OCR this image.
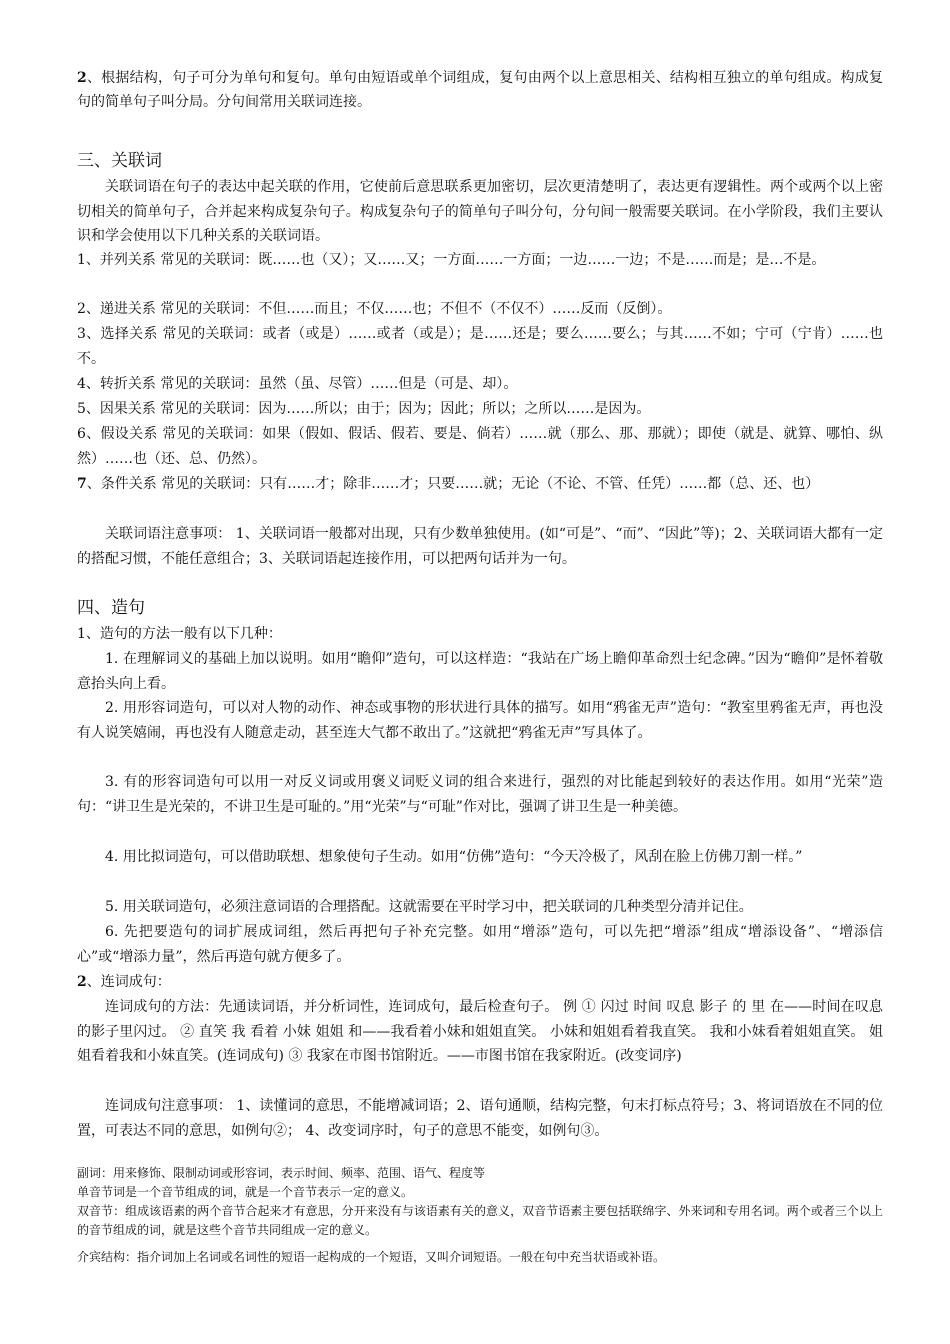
2、根据结构，句子可分为单句和复句。单句由短语或单个词组成，复句由两个以上意思相关、结构相互独立的单句组成。构成复句的简单句子叫分局。分句间常用关联词连接。

三、关联词

关联词语在句子的表达中起关联的作用，它使前后意思联系更加密切，层次更清楚明了，表达更有逻辑性。两个或两个以上密切相关的简单句子，合并起来构成复杂句子。构成复杂句子的简单句子叫分句，分句间一般需要关联词。在小学阶段，我们主要认识和学会使用以下几种关系的关联词语。

1、并列关系 常见的关联词：既……也（又）；又……又；一方面……一方面；一边……一边；不是……而是；是…不是。

2、递进关系 常见的关联词：不但……而且；不仅……也；不但不（不仅不）……反而（反倒）。

3、选择关系 常见的关联词：或者（或是）……或者（或是）；是……还是；要么……要么；与其……不如；宁可（宁肯）……也不。

4、转折关系 常见的关联词：虽然（虽、尽管）……但是（可是、却）。

5、因果关系 常见的关联词：因为……所以；由于；因为；因此；所以；之所以……是因为。

6、假设关系 常见的关联词：如果（假如、假话、假若、要是、倘若）……就（那么、那、那就）；即使（就是、就算、哪怕、纵然）……也（还、总、仍然）。

7、条件关系 常见的关联词：只有……才；除非……才；只要……就；无论（不论、不管、任凭）……都（总、还、也）

关联词语注意事项： 1、关联词语一般都对出现，只有少数单独使用。(如“可是”、“而”、“因此”等)；2、关联词语大都有一定的搭配习惯，不能任意组合；3、关联词语起连接作用，可以把两句话并为一句。

四、造句

1、造句的方法一般有以下几种：

1. 在理解词义的基础上加以说明。如用“瞻仰”造句，可以这样造：“我站在广场上瞻仰革命烈士纪念碑。”因为“瞻仰”是怀着敬意抬头向上看。

2. 用形容词造句，可以对人物的动作、神态或事物的形状进行具体的描写。如用“鸦雀无声”造句：“教室里鸦雀无声，再也没有人说笑嬉闹，再也没有人随意走动，甚至连大气都不敢出了。”这就把“鸦雀无声”写具体了。

3. 有的形容词造句可以用一对反义词或用褒义词贬义词的组合来进行，强烈的对比能起到较好的表达作用。如用“光荣”造句：“讲卫生是光荣的，不讲卫生是可耻的。”用“光荣”与“可耻”作对比，强调了讲卫生是一种美德。

4. 用比拟词造句，可以借助联想、想象使句子生动。如用“仿佛”造句：“今天冷极了，风刮在脸上仿佛刀割一样。”

5. 用关联词造句，必须注意词语的合理搭配。这就需要在平时学习中，把关联词的几种类型分清并记住。

6. 先把要造句的词扩展成词组，然后再把句子补充完整。如用“增添”造句，可以先把“增添”组成“增添设备”、“增添信心”或“增添力量”，然后再造句就方便多了。

2、连词成句：

连词成句的方法：先通读词语，并分析词性，连词成句，最后检查句子。 例 ① 闪过 时间 叹息 影子 的 里 在——时间在叹息的影子里闪过。 ② 直笑 我 看着 小妹 姐姐 和——我看着小妹和姐姐直笑。 小妹和姐姐看着我直笑。 我和小妹看着姐姐直笑。 姐姐看着我和小妹直笑。(连词成句) ③ 我家在市图书馆附近。——市图书馆在我家附近。(改变词序)

连词成句注意事项： 1、读懂词的意思，不能增减词语；2、语句通顺，结构完整，句末打标点符号；3、将词语放在不同的位置，可表达不同的意思，如例句②； 4、改变词序时，句子的意思不能变，如例句③。

副词：用来修饰、限制动词或形容词，表示时间、频率、范围、语气、程度等

单音节词是一个音节组成的词，就是一个音节表示一定的意义。

双音节：组成该语素的两个音节合起来才有意思，分开来没有与该语素有关的意义，双音节语素主要包括联绵字、外来词和专用名词。两个或者三个以上的音节组成的词，就是这些个音节共同组成一定的意义。

介宾结构：指介词加上名词或名词性的短语一起构成的一个短语，又叫介词短语。一般在句中充当状语或补语。
